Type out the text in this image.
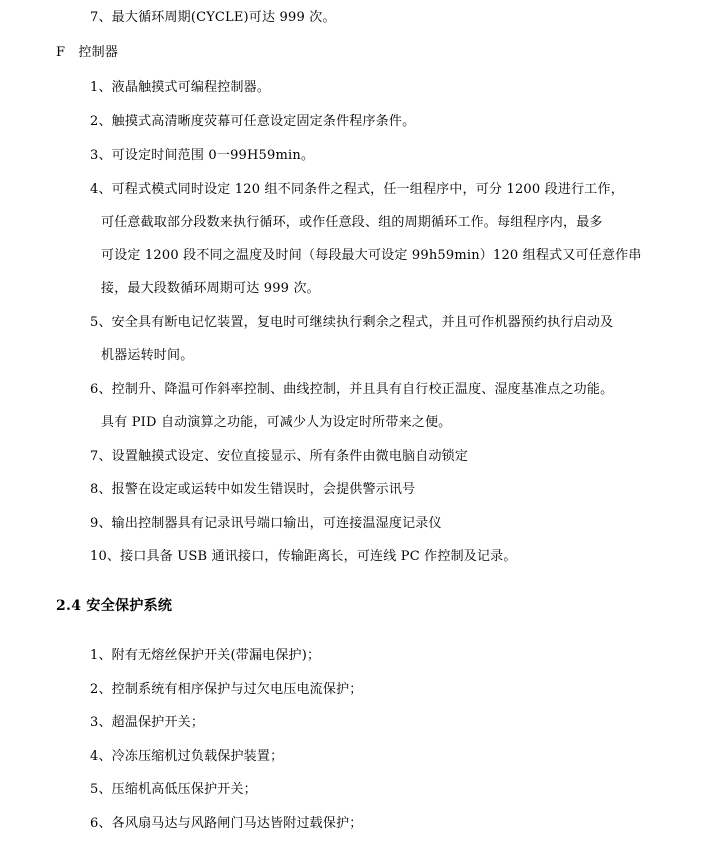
7、最大循环周期(CYCLE)可达 999 次。
F　控制器
1、液晶触摸式可编程控制器。
2、触摸式高清晰度荧幕可任意设定固定条件程序条件。
3、可设定时间范围 0一99H59min。
4、可程式模式同时设定 120 组不同条件之程式，任一组程序中，可分 1200 段进行工作，
可任意截取部分段数来执行循环，或作任意段、组的周期循环工作。每组程序内，最多
可设定 1200 段不同之温度及时间（每段最大可设定 99h59min）120 组程式又可任意作串
接，最大段数循环周期可达 999 次。
5、安全具有断电记忆装置，复电时可继续执行剩余之程式，并且可作机器预约执行启动及
机器运转时间。
6、控制升、降温可作斜率控制、曲线控制，并且具有自行校正温度、湿度基准点之功能。
具有 PID 自动演算之功能，可减少人为设定时所带来之便。
7、设置触摸式设定、安位直接显示、所有条件由微电脑自动锁定
8、报警在设定或运转中如发生错误时，会提供警示讯号
9、输出控制器具有记录讯号端口输出，可连接温湿度记录仪
10、接口具备 USB 通讯接口，传输距离长，可连线 PC 作控制及记录。
2.4 安全保护系统
1、附有无熔丝保护开关(带漏电保护)；
2、控制系统有相序保护与过欠电压电流保护；
3、超温保护开关；
4、冷冻压缩机过负载保护装置；
5、压缩机高低压保护开关；
6、各风扇马达与风路闸门马达皆附过载保护；
